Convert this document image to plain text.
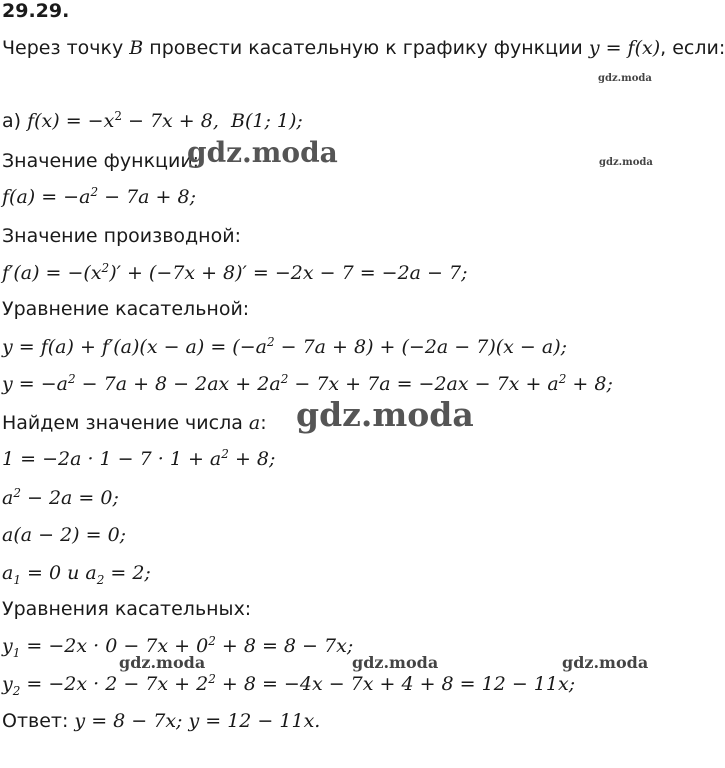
29.29.
Через точку B провести касательную к графику функции y = f(x), если:
а) $f(x) = -x^2 - 7x + 8$, B(1; 1);
Значение функции:
$f(a) = -a^2 - 7a + 8$;
Значение производной:
$f'(a) = -(x^2)' + (-7x + 8)' = -2x - 7 = -2a - 7$;
Уравнение касательной:
$y = f(a) + f'(a)(x - a) = (-a^2 - 7a + 8) + (-2a - 7)(x - a)$;
$y = -a^2 - 7a + 8 - 2ax + 2a^2 - 7x + 7a = -2ax - 7x + a^2 + 8$;
Найдем значение числа a:
$1 = -2a \cdot 1 - 7 \cdot 1 + a^2 + 8$;
$a^2 - 2a = 0$;
a(a − 2) = 0;
$a_1 = 0$ и $a_2 = 2$;
Уравнения касательных:
$y_1 = -2x \cdot 0 - 7x + 0^2 + 8 = 8 - 7x$;
$y_2 = -2x \cdot 2 - 7x + 2^2 + 8 = -4x - 7x + 4 + 8 = 12 - 11x$;
Ответ: y = 8 − 7x; y = 12 − 11x.
gdz.moda
gdz.moda
gdz.moda
gdz.moda
gdz.moda	gdz.moda	gdz.moda
